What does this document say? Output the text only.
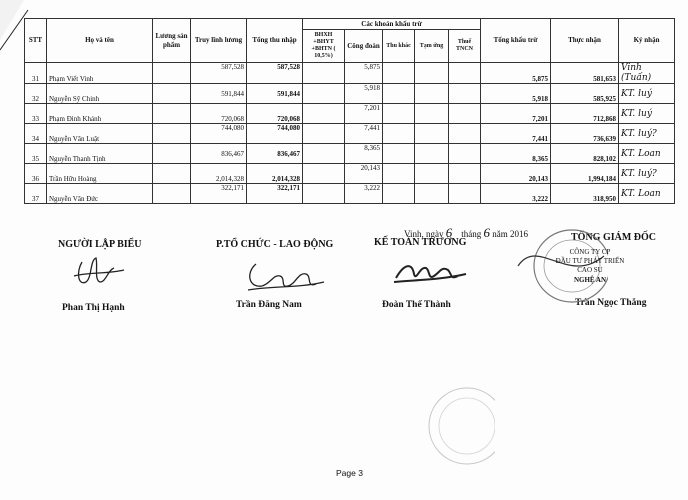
STT	Họ và tên	Lương sản phẩm	Truy lĩnh lương	Tổng thu nhập	Các khoản khấu trừ					Tổng khấu trừ	Thực nhận	Ký nhận
					BHXH +BHYT +BHTN ( 10,5%)	Công đoàn	Thu khác	Tạm ứng	Thuế TNCN			
31	Phạm Viết Vinh		587,528	587,528		5,875				5,875	581,653	Vinh (Tuấn)
32	Nguyễn Sỹ Chinh		591,844	591,844		5,918				5,918	585,925	KT. luý
33	Phạm Đình Khánh		720,068	720,068		7,201				7,201	712,868	KT. luý
34	Nguyễn Văn Luật		744,080	744,080		7,441				7,441	736,639	KT. luý?
35	Nguyễn Thanh Tịnh		836,467	836,467		8,365				8,365	828,102	KT. Loan
36	Trần Hữu Hoàng		2,014,328	2,014,328		20,143				20,143	1,994,184	KT. luý?
37	Nguyễn Văn Đức		322,171	322,171		3,222				3,222	318,950	KT. Loan
Vinh, ngày 6 tháng 6 năm 2016
NGƯỜI LẬP BIỂU	P.TỔ CHỨC - LAO ĐỘNG	KẾ TOÁN TRƯỞNG	TỔNG GIÁM ĐỐC
Phan Thị Hạnh	Trần Đăng Nam	Đoàn Thế Thành	Trần Ngọc Thắng
CÔNG TY CP
ĐẦU TƯ PHÁT TRIỂN
CAO SU
NGHỆ AN
Page 3
